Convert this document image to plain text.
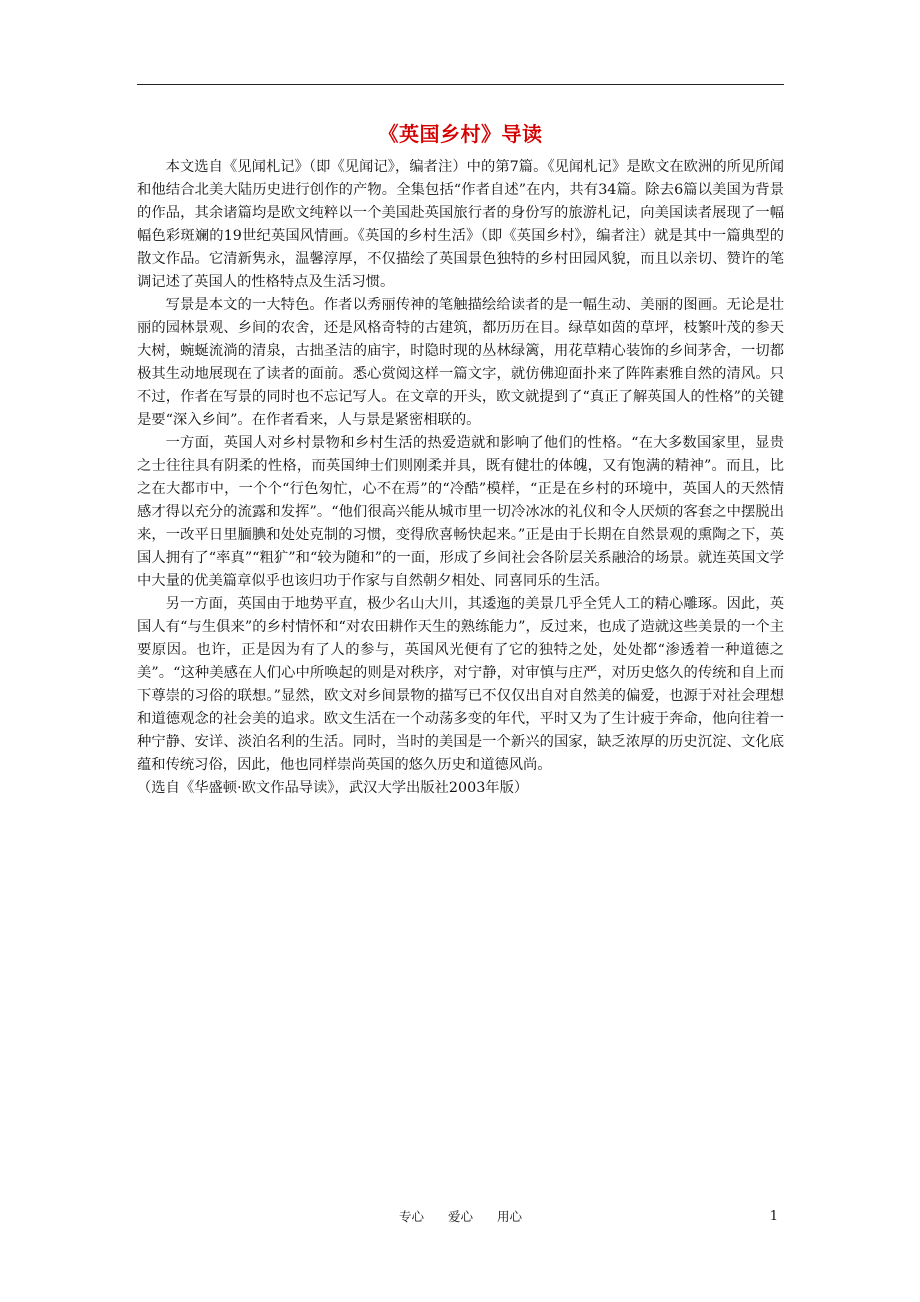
《英国乡村》导读

本文选自《见闻札记》（即《见闻记》，编者注）中的第7篇。《见闻札记》是欧文在欧洲的所见所闻和他结合北美大陆历史进行创作的产物。全集包括“作者自述”在内，共有34篇。除去6篇以美国为背景的作品，其余诸篇均是欧文纯粹以一个美国赴英国旅行者的身份写的旅游札记，向美国读者展现了一幅幅色彩斑斓的19世纪英国风情画。《英国的乡村生活》（即《英国乡村》，编者注）就是其中一篇典型的散文作品。它清新隽永，温馨淳厚，不仅描绘了英国景色独特的乡村田园风貌，而且以亲切、赞许的笔调记述了英国人的性格特点及生活习惯。

写景是本文的一大特色。作者以秀丽传神的笔触描绘给读者的是一幅生动、美丽的图画。无论是壮丽的园林景观、乡间的农舍，还是风格奇特的古建筑，都历历在目。绿草如茵的草坪，枝繁叶茂的参天大树，蜿蜒流淌的清泉，古拙圣洁的庙宇，时隐时现的丛林绿篱，用花草精心装饰的乡间茅舍，一切都极其生动地展现在了读者的面前。悉心赏阅这样一篇文字，就仿佛迎面扑来了阵阵素雅自然的清风。只不过，作者在写景的同时也不忘记写人。在文章的开头，欧文就提到了“真正了解英国人的性格”的关键是要“深入乡间”。在作者看来，人与景是紧密相联的。

一方面，英国人对乡村景物和乡村生活的热爱造就和影响了他们的性格。“在大多数国家里，显贵之士往往具有阴柔的性格，而英国绅士们则刚柔并具，既有健壮的体魄，又有饱满的精神”。而且，比之在大都市中，一个个“行色匆忙，心不在焉”的“冷酷”模样，“正是在乡村的环境中，英国人的天然情感才得以充分的流露和发挥”。“他们很高兴能从城市里一切冷冰冰的礼仪和令人厌烦的客套之中摆脱出来，一改平日里腼腆和处处克制的习惯，变得欣喜畅快起来。”正是由于长期在自然景观的熏陶之下，英国人拥有了“率真”“粗犷”和“较为随和”的一面，形成了乡间社会各阶层关系融洽的场景。就连英国文学中大量的优美篇章似乎也该归功于作家与自然朝夕相处、同喜同乐的生活。

另一方面，英国由于地势平直，极少名山大川，其逶迤的美景几乎全凭人工的精心雕琢。因此，英国人有“与生俱来”的乡村情怀和“对农田耕作天生的熟练能力”，反过来，也成了造就这些美景的一个主要原因。也许，正是因为有了人的参与，英国风光便有了它的独特之处，处处都“渗透着一种道德之美”。“这种美感在人们心中所唤起的则是对秩序，对宁静，对审慎与庄严，对历史悠久的传统和自上而下尊崇的习俗的联想。”显然，欧文对乡间景物的描写已不仅仅出自对自然美的偏爱，也源于对社会理想和道德观念的社会美的追求。欧文生活在一个动荡多变的年代，平时又为了生计疲于奔命，他向往着一种宁静、安详、淡泊名利的生活。同时，当时的美国是一个新兴的国家，缺乏浓厚的历史沉淀、文化底蕴和传统习俗，因此，他也同样崇尚英国的悠久历史和道德风尚。

（选自《华盛顿·欧文作品导读》，武汉大学出版社2003年版）

专心 爱心 用心	1
